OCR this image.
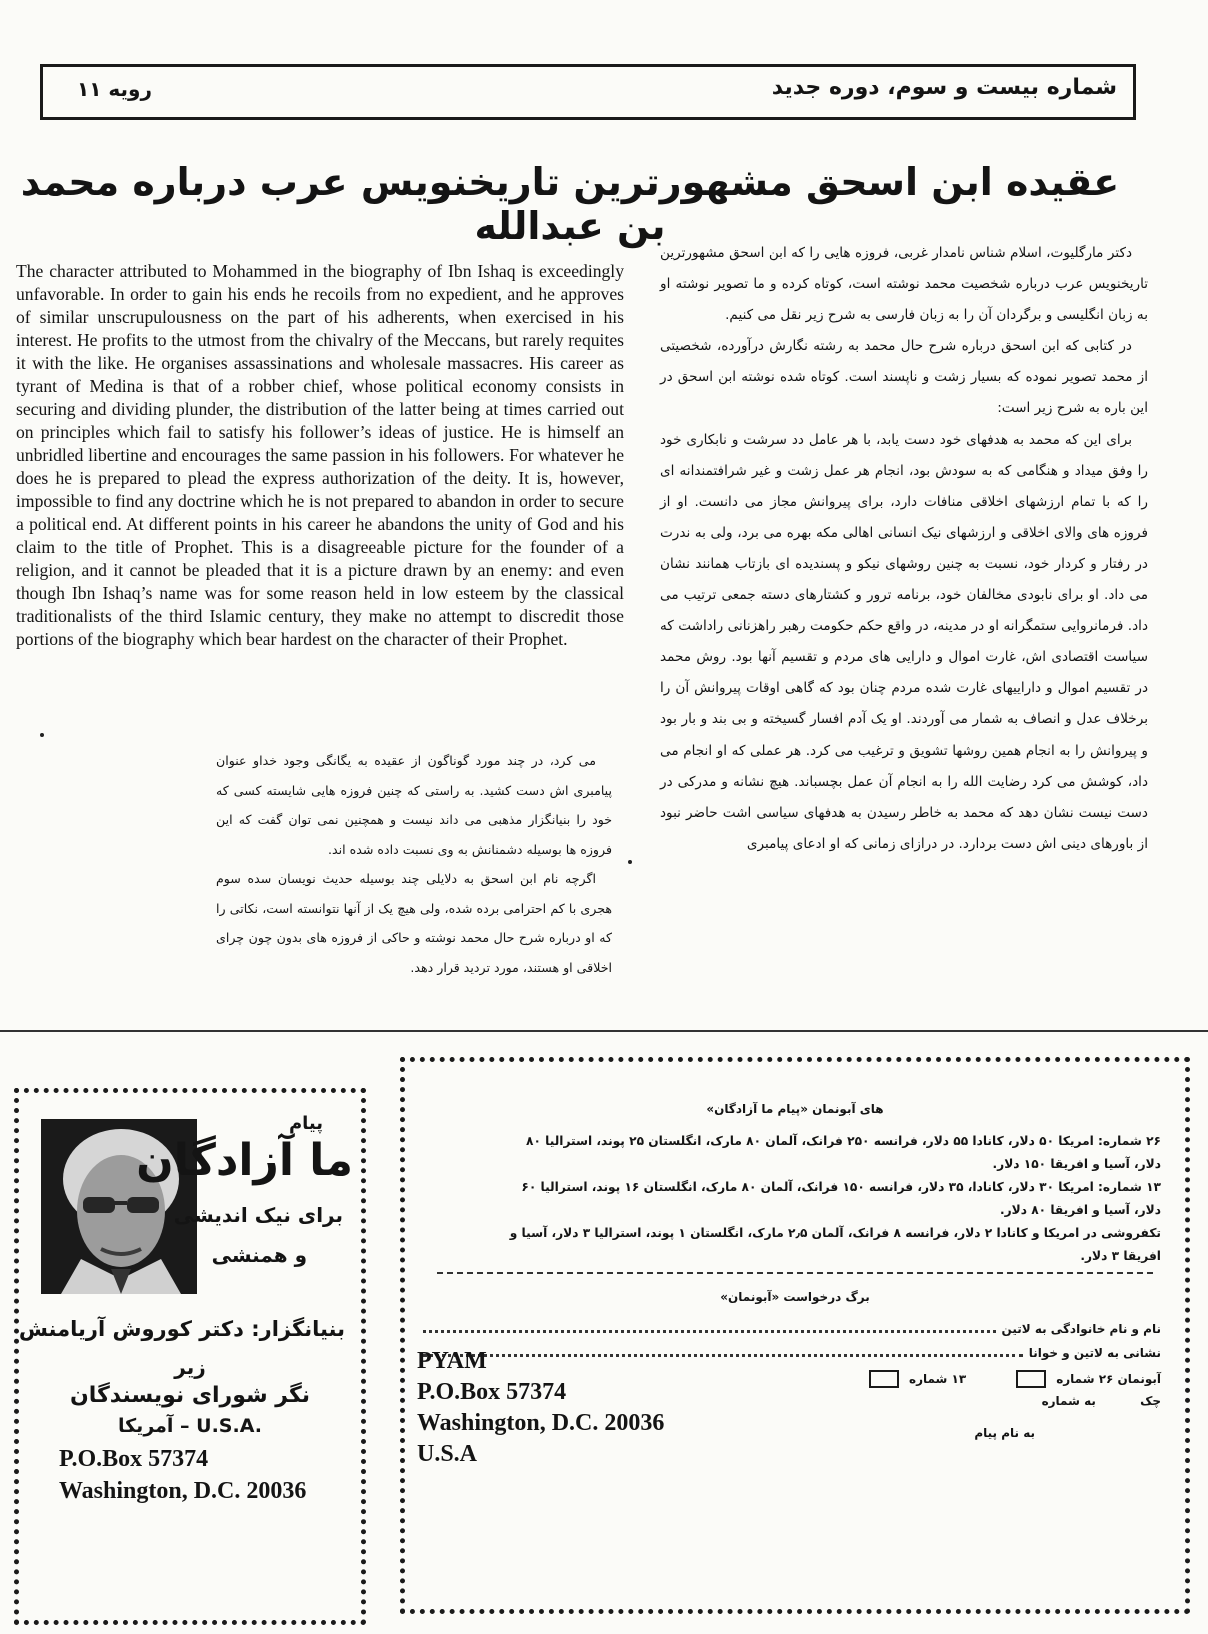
شماره بیست و سوم، دوره جدید
رویه ۱۱
عقیده ابن اسحق مشهورترین تاریخنویس عرب درباره محمد بن عبدالله
The character attributed to Mohammed in the biography of Ibn Ishaq is exceedingly unfavorable. In order to gain his ends he recoils from no expedient, and he approves of similar unscrupulousness on the part of his adherents, when exercised in his interest. He profits to the utmost from the chivalry of the Meccans, but rarely requites it with the like. He organises assassinations and wholesale massacres. His career as tyrant of Medina is that of a robber chief, whose political economy consists in securing and dividing plunder, the distribution of the latter being at times carried out on principles which fail to satisfy his follower’s ideas of justice. He is himself an unbridled libertine and encourages the same passion in his followers. For whatever he does he is prepared to plead the express authorization of the deity. It is, however, impossible to find any doctrine which he is not prepared to abandon in order to secure a political end. At different points in his career he abandons the unity of God and his claim to the title of Prophet. This is a disagreeable picture for the founder of a religion, and it cannot be pleaded that it is a picture drawn by an enemy: and even though Ibn Ishaq’s name was for some reason held in low esteem by the classical traditionalists of the third Islamic century, they make no attempt to discredit those portions of the biography which bear hardest on the character of their Prophet.

دکتر مارگلیوت، اسلام شناس نامدار غربی، فروزه هایی را که ابن اسحق مشهورترین تاریخنویس عرب درباره شخصیت محمد نوشته است، کوتاه کرده و ما تصویر نوشته او به زبان انگلیسی و برگردان آن را به زبان فارسی به شرح زیر نقل می کنیم.

در کتابی که ابن اسحق درباره شرح حال محمد به رشته نگارش درآورده، شخصیتی از محمد تصویر نموده که بسیار زشت و ناپسند است. کوتاه شده نوشته ابن اسحق در این باره به شرح زیر است:

برای این که محمد به هدفهای خود دست یابد، با هر عامل دد سرشت و نابکاری خود را وفق میداد و هنگامی که به سودش بود، انجام هر عمل زشت و غیر شرافتمندانه ای را که با تمام ارزشهای اخلاقی منافات دارد، برای پیروانش مجاز می دانست. او از فروزه های والای اخلاقی و ارزشهای نیک انسانی اهالی مکه بهره می برد، ولی به ندرت در رفتار و کردار خود، نسبت به چنین روشهای نیکو و پسندیده ای بازتاب همانند نشان می داد. او برای نابودی مخالفان خود، برنامه ترور و کشتارهای دسته جمعی ترتیب می داد. فرمانروایی ستمگرانه او در مدینه، در واقع حکم حکومت رهبر راهزنانی راداشت که سیاست اقتصادی اش، غارت اموال و دارایی های مردم و تقسیم آنها بود. روش محمد در تقسیم اموال و داراییهای غارت شده مردم چنان بود که گاهی اوقات پیروانش آن را برخلاف عدل و انصاف به شمار می آوردند. او یک آدم افسار گسیخته و بی بند و بار بود و پیروانش را به انجام همین روشها تشویق و ترغیب می کرد. هر عملی که او انجام می داد، کوشش می کرد رضایت الله را به انجام آن عمل بچسباند. هیچ نشانه و مدرکی در دست نیست نشان دهد که محمد به خاطر رسیدن به هدفهای سیاسی اشت حاضر نبود از باورهای دینی اش دست بردارد. در درازای زمانی که او ادعای پیامبری

می کرد، در چند مورد گوناگون از عقیده به یگانگی وجود خداو عنوان پیامبری اش دست کشید. به راستی که چنین فروزه هایی شایسته کسی که خود را بنیانگزار مذهبی می داند نیست و همچنین نمی توان گفت که این فروزه ها بوسیله دشمنانش به وی نسبت داده شده اند.

اگرچه نام ابن اسحق به دلایلی چند بوسیله حدیث نویسان سده سوم هجری با کم احترامی برده شده، ولی هیچ یک از آنها نتوانسته است، نکاتی را که او درباره شرح حال محمد نوشته و حاکی از فروزه های بدون چون چرای اخلاقی او هستند، مورد تردید قرار دهد.

پیام
ما آزادگان
برای نیک اندیشی
و همنشی
بنیانگزار: دکتر کوروش آریامنش
زیر
نگر شورای نویسندگان
آمریکا – U.S.A.
P.O.Box 57374
Washington, D.C. 20036
های آبونمان «پیام ما آزادگان»
۲۶ شماره: امریکا ۵۰ دلار، کانادا ۵۵ دلار، فرانسه ۲۵۰ فرانک، آلمان ۸۰ مارک، انگلستان ۲۵ پوند، استرالیا ۸۰
دلار، آسیا و افریقا ۱۵۰ دلار.
۱۳ شماره: امریکا ۳۰ دلار، کانادا، ۳۵ دلار، فرانسه ۱۵۰ فرانک، آلمان ۸۰ مارک، انگلستان ۱۶ پوند، استرالیا ۶۰
دلار، آسیا و افریقا ۸۰ دلار.
تکفروشی در امریکا و کانادا ۲ دلار، فرانسه ۸ فرانک، آلمان ۲٫۵ مارک، انگلستان ۱ پوند، استرالیا ۳ دلار، آسیا و
افریقا ۳ دلار.
برگ درخواست «آبونمان»
نام و نام خانوادگی به لاتین
نشانی به لاتین و خوانا
آبونمان ۲۶ شماره
۱۳ شماره
چک به شماره
به نام پیام
PYAM
P.O.Box 57374
Washington, D.C. 20036
U.S.A
